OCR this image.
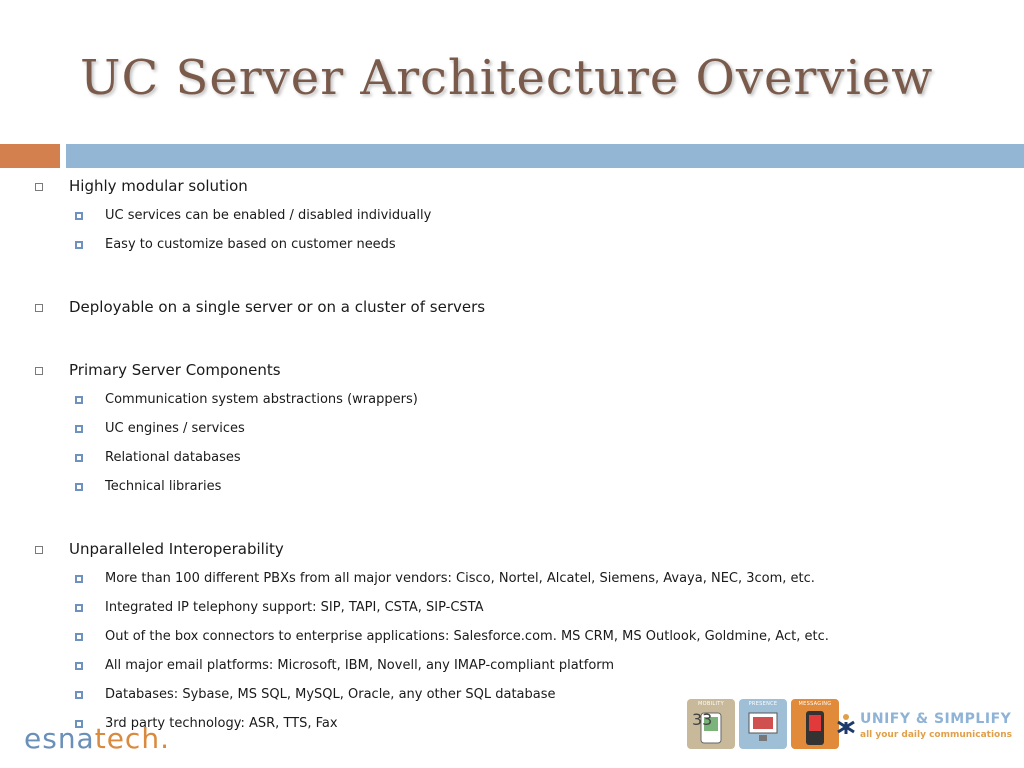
UC Server Architecture Overview
Highly modular solution
UC services can be enabled / disabled individually
Easy to customize based on customer needs
Deployable on a single server or on a cluster of servers
Primary Server Components
Communication system abstractions (wrappers)
UC engines / services
Relational databases
Technical libraries
Unparalleled Interoperability
More than 100 different PBXs from all major vendors: Cisco, Nortel, Alcatel, Siemens, Avaya, NEC, 3com, etc.
Integrated IP telephony support: SIP, TAPI, CSTA, SIP-CSTA
Out of the box connectors to enterprise applications: Salesforce.com. MS CRM, MS Outlook, Goldmine, Act, etc.
All major email platforms: Microsoft, IBM, Novell, any IMAP-compliant platform
Databases: Sybase, MS SQL, MySQL, Oracle, any other SQL database
3rd party technology: ASR, TTS, Fax
esnatech.
MOBILITY	PRESENCE	MESSAGING
33	UNIFY & SIMPLIFY
all your daily communications
